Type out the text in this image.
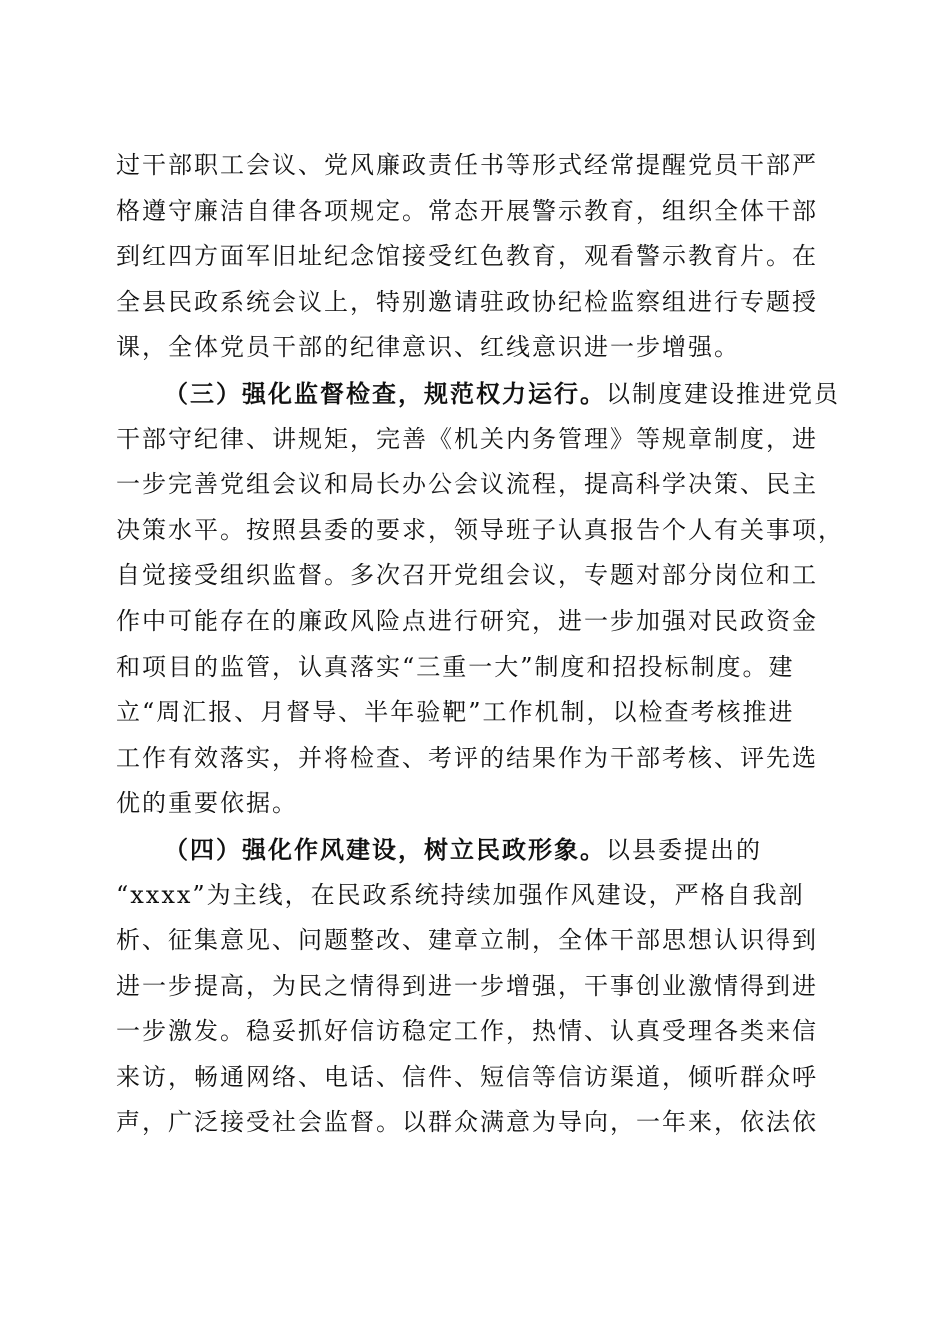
过干部职工会议、党风廉政责任书等形式经常提醒党员干部严
格遵守廉洁自律各项规定。常态开展警示教育，组织全体干部
到红四方面军旧址纪念馆接受红色教育，观看警示教育片。在
全县民政系统会议上，特别邀请驻政协纪检监察组进行专题授
课，全体党员干部的纪律意识、红线意识进一步增强。
（三）强化监督检查，规范权力运行。以制度建设推进党员
干部守纪律、讲规矩，完善《机关内务管理》等规章制度，进
一步完善党组会议和局长办公会议流程，提高科学决策、民主
决策水平。按照县委的要求，领导班子认真报告个人有关事项，
自觉接受组织监督。多次召开党组会议，专题对部分岗位和工
作中可能存在的廉政风险点进行研究，进一步加强对民政资金
和项目的监管，认真落实“三重一大”制度和招投标制度。建
立“周汇报、月督导、半年验靶”工作机制，以检查考核推进
工作有效落实，并将检查、考评的结果作为干部考核、评先选
优的重要依据。
（四）强化作风建设，树立民政形象。以县委提出的
“xxxx”为主线，在民政系统持续加强作风建设，严格自我剖
析、征集意见、问题整改、建章立制，全体干部思想认识得到
进一步提高，为民之情得到进一步增强，干事创业激情得到进
一步激发。稳妥抓好信访稳定工作，热情、认真受理各类来信
来访，畅通网络、电话、信件、短信等信访渠道，倾听群众呼
声，广泛接受社会监督。以群众满意为导向，一年来，依法依
